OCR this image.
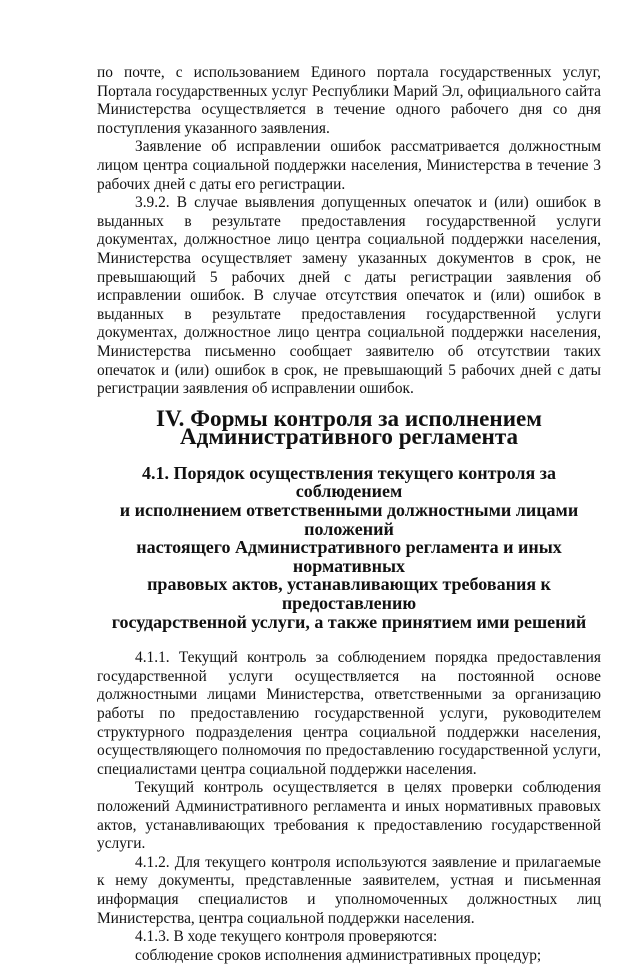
по почте, с использованием Единого портала государственных услуг, Портала государственных услуг Республики Марий Эл, официального сайта Министерства осуществляется в течение одного рабочего дня со дня поступления указанного заявления.

Заявление об исправлении ошибок рассматривается должностным лицом центра социальной поддержки населения, Министерства в течение 3 рабочих дней с даты его регистрации.

3.9.2. В случае выявления допущенных опечаток и (или) ошибок в выданных в результате предоставления государственной услуги документах, должностное лицо центра социальной поддержки населения, Министерства осуществляет замену указанных документов в срок, не превышающий 5 рабочих дней с даты регистрации заявления об исправлении ошибок. В случае отсутствия опечаток и (или) ошибок в выданных в результате предоставления государственной услуги документах, должностное лицо центра социальной поддержки населения, Министерства письменно сообщает заявителю об отсутствии таких опечаток и (или) ошибок в срок, не превышающий 5 рабочих дней с даты регистрации заявления об исправлении ошибок.

IV. Формы контроля за исполнением
Административного регламента
4.1. Порядок осуществления текущего контроля за соблюдением
и исполнением ответственными должностными лицами положений
настоящего Административного регламента и иных нормативных
правовых актов, устанавливающих требования к предоставлению
государственной услуги, а также принятием ими решений

4.1.1. Текущий контроль за соблюдением порядка предоставления государственной услуги осуществляется на постоянной основе должностными лицами Министерства, ответственными за организацию работы по предоставлению государственной услуги, руководителем структурного подразделения центра социальной поддержки населения, осуществляющего полномочия по предоставлению государственной услуги, специалистами центра социальной поддержки населения.

Текущий контроль осуществляется в целях проверки соблюдения положений Административного регламента и иных нормативных правовых актов, устанавливающих требования к предоставлению государственной услуги.

4.1.2. Для текущего контроля используются заявление и прилагаемые к нему документы, представленные заявителем, устная и письменная информация специалистов и уполномоченных должностных лиц Министерства, центра социальной поддержки населения.

4.1.3. В ходе текущего контроля проверяются:

соблюдение сроков исполнения административных процедур;
